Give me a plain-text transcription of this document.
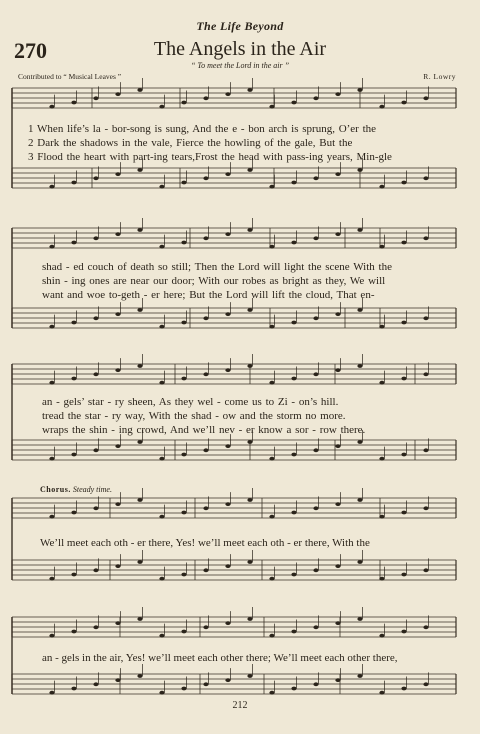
The Life Beyond
270	The Angels in the Air
“ To meet the Lord in the air ”
Contributed to “ Musical Leaves ”	R. Lowry
1 When life’s la - bor-song is sung, And the e - bon arch is sprung, O’er the
2 Dark the shadows in the vale, Fierce the howling of the gale, But the
3 Flood the heart with part-ing tears,Frost the head with pass-ing years, Min-gle
shad - ed couch of death so still; Then the Lord will light the scene With the
shin - ing ones are near our door; With our robes as bright as they, We will
want and woe to-geth - er here; But the Lord will lift the cloud, That en-
an - gels’ star - ry sheen, As they wel - come us to Zi - on’s hill.
tread the star - ry way, With the shad - ow and the storm no more.
wraps the shin - ing crowd, And we’ll nev - er know a sor - row there.
Chorus. Steady time.
We’ll meet each oth - er there, Yes! we’ll meet each oth - er there, With the
an - gels in the air, Yes! we’ll meet each other there; We’ll meet each other there,
212
